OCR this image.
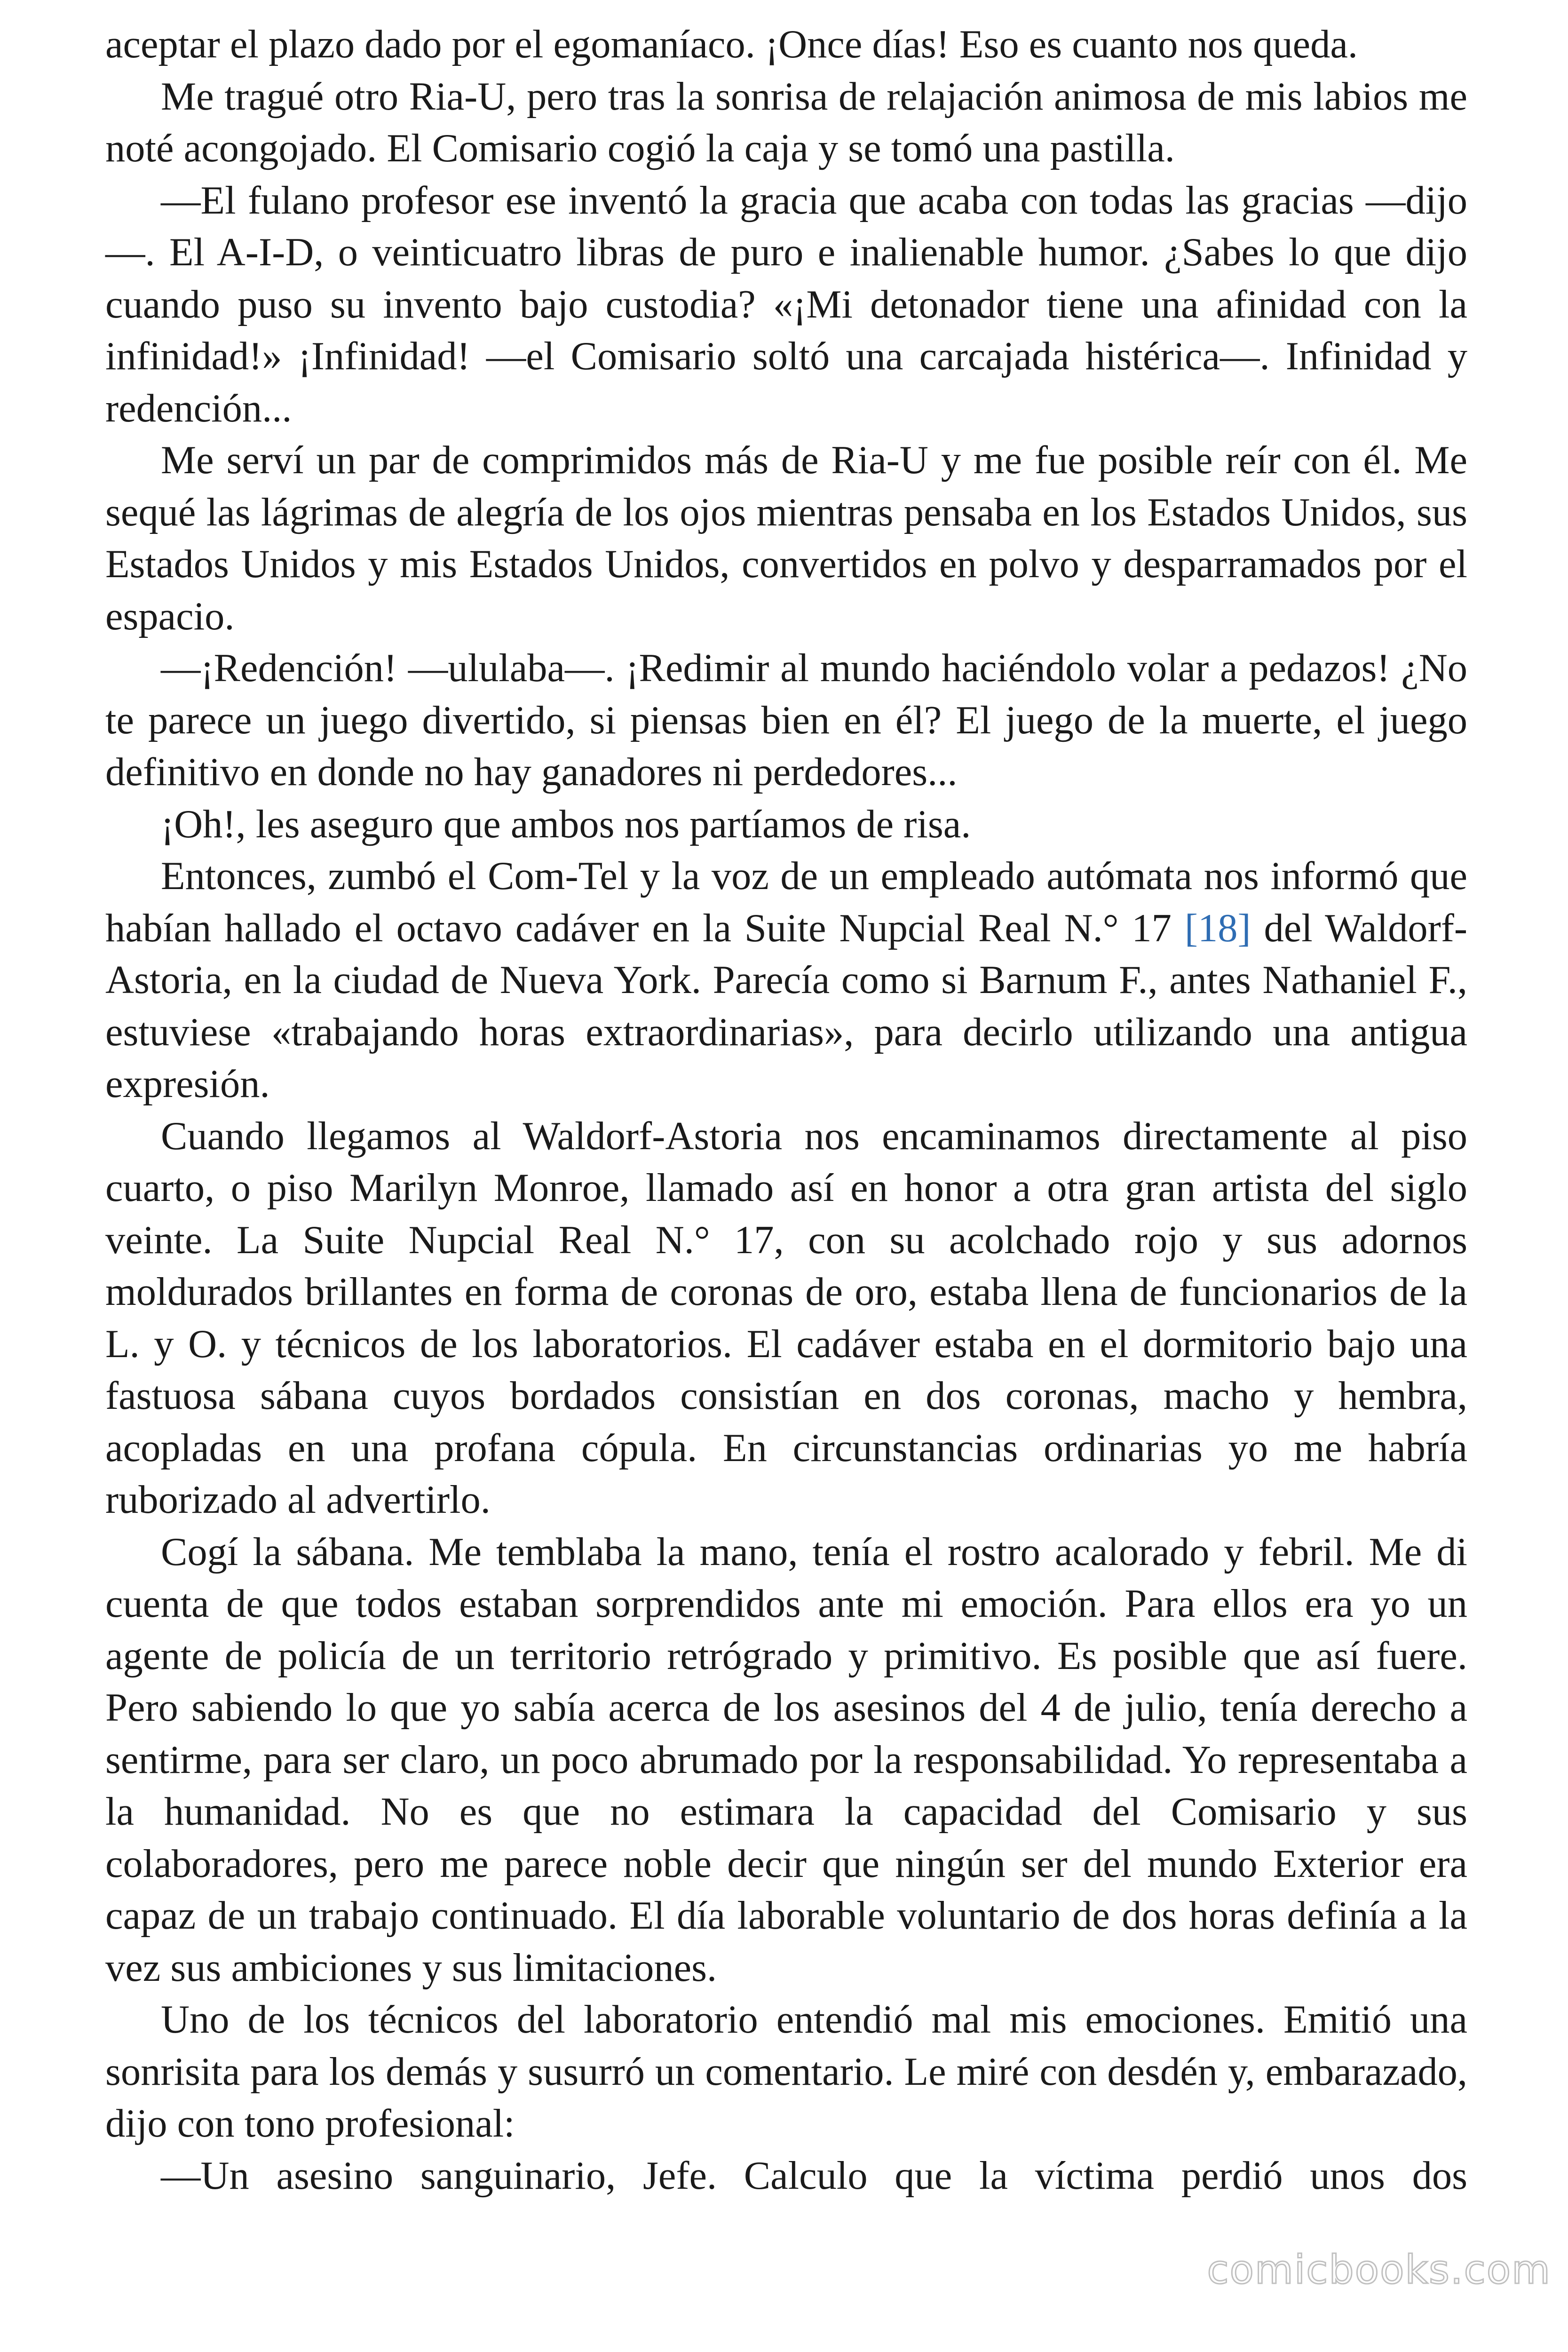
aceptar el plazo dado por el egomaníaco. ¡Once días! Eso es cuanto nos queda.

Me tragué otro Ria-U, pero tras la sonrisa de relajación animosa de mis labios me noté acongojado. El Comisario cogió la caja y se tomó una pastilla.

—El fulano profesor ese inventó la gracia que acaba con todas las gracias —dijo—. El A-I-D, o veinticuatro libras de puro e inalienable humor. ¿Sabes lo que dijo cuando puso su invento bajo custodia? «¡Mi detonador tiene una afinidad con la infinidad!» ¡Infinidad! —el Comisario soltó una carcajada histérica—. Infinidad y redención...

Me serví un par de comprimidos más de Ria-U y me fue posible reír con él. Me sequé las lágrimas de alegría de los ojos mientras pensaba en los Estados Unidos, sus Estados Unidos y mis Estados Unidos, convertidos en polvo y desparramados por el espacio.

—¡Redención! —ululaba—. ¡Redimir al mundo haciéndolo volar a pedazos! ¿No te parece un juego divertido, si piensas bien en él? El juego de la muerte, el juego definitivo en donde no hay ganadores ni perdedores...

¡Oh!, les aseguro que ambos nos partíamos de risa.

Entonces, zumbó el Com-Tel y la voz de un empleado autómata nos informó que habían hallado el octavo cadáver en la Suite Nupcial Real N.° 17 [18] del Waldorf-Astoria, en la ciudad de Nueva York. Parecía como si Barnum F., antes Nathaniel F., estuviese «trabajando horas extraordinarias», para decirlo utilizando una antigua expresión.

Cuando llegamos al Waldorf-Astoria nos encaminamos directamente al piso cuarto, o piso Marilyn Monroe, llamado así en honor a otra gran artista del siglo veinte. La Suite Nupcial Real N.° 17, con su acolchado rojo y sus adornos moldurados brillantes en forma de coronas de oro, estaba llena de funcionarios de la L. y O. y técnicos de los laboratorios. El cadáver estaba en el dormitorio bajo una fastuosa sábana cuyos bordados consistían en dos coronas, macho y hembra, acopladas en una profana cópula. En circunstancias ordinarias yo me habría ruborizado al advertirlo.

Cogí la sábana. Me temblaba la mano, tenía el rostro acalorado y febril. Me di cuenta de que todos estaban sorprendidos ante mi emoción. Para ellos era yo un agente de policía de un territorio retrógrado y primitivo. Es posible que así fuere. Pero sabiendo lo que yo sabía acerca de los asesinos del 4 de julio, tenía derecho a sentirme, para ser claro, un poco abrumado por la responsabilidad. Yo representaba a la humanidad. No es que no estimara la capacidad del Comisario y sus colaboradores, pero me parece noble decir que ningún ser del mundo Exterior era capaz de un trabajo continuado. El día laborable voluntario de dos horas definía a la vez sus ambiciones y sus limitaciones.

Uno de los técnicos del laboratorio entendió mal mis emociones. Emitió una sonrisita para los demás y susurró un comentario. Le miré con desdén y, embarazado, dijo con tono profesional:

—Un asesino sanguinario, Jefe. Calculo que la víctima perdió unos dos

comicbooks.com
